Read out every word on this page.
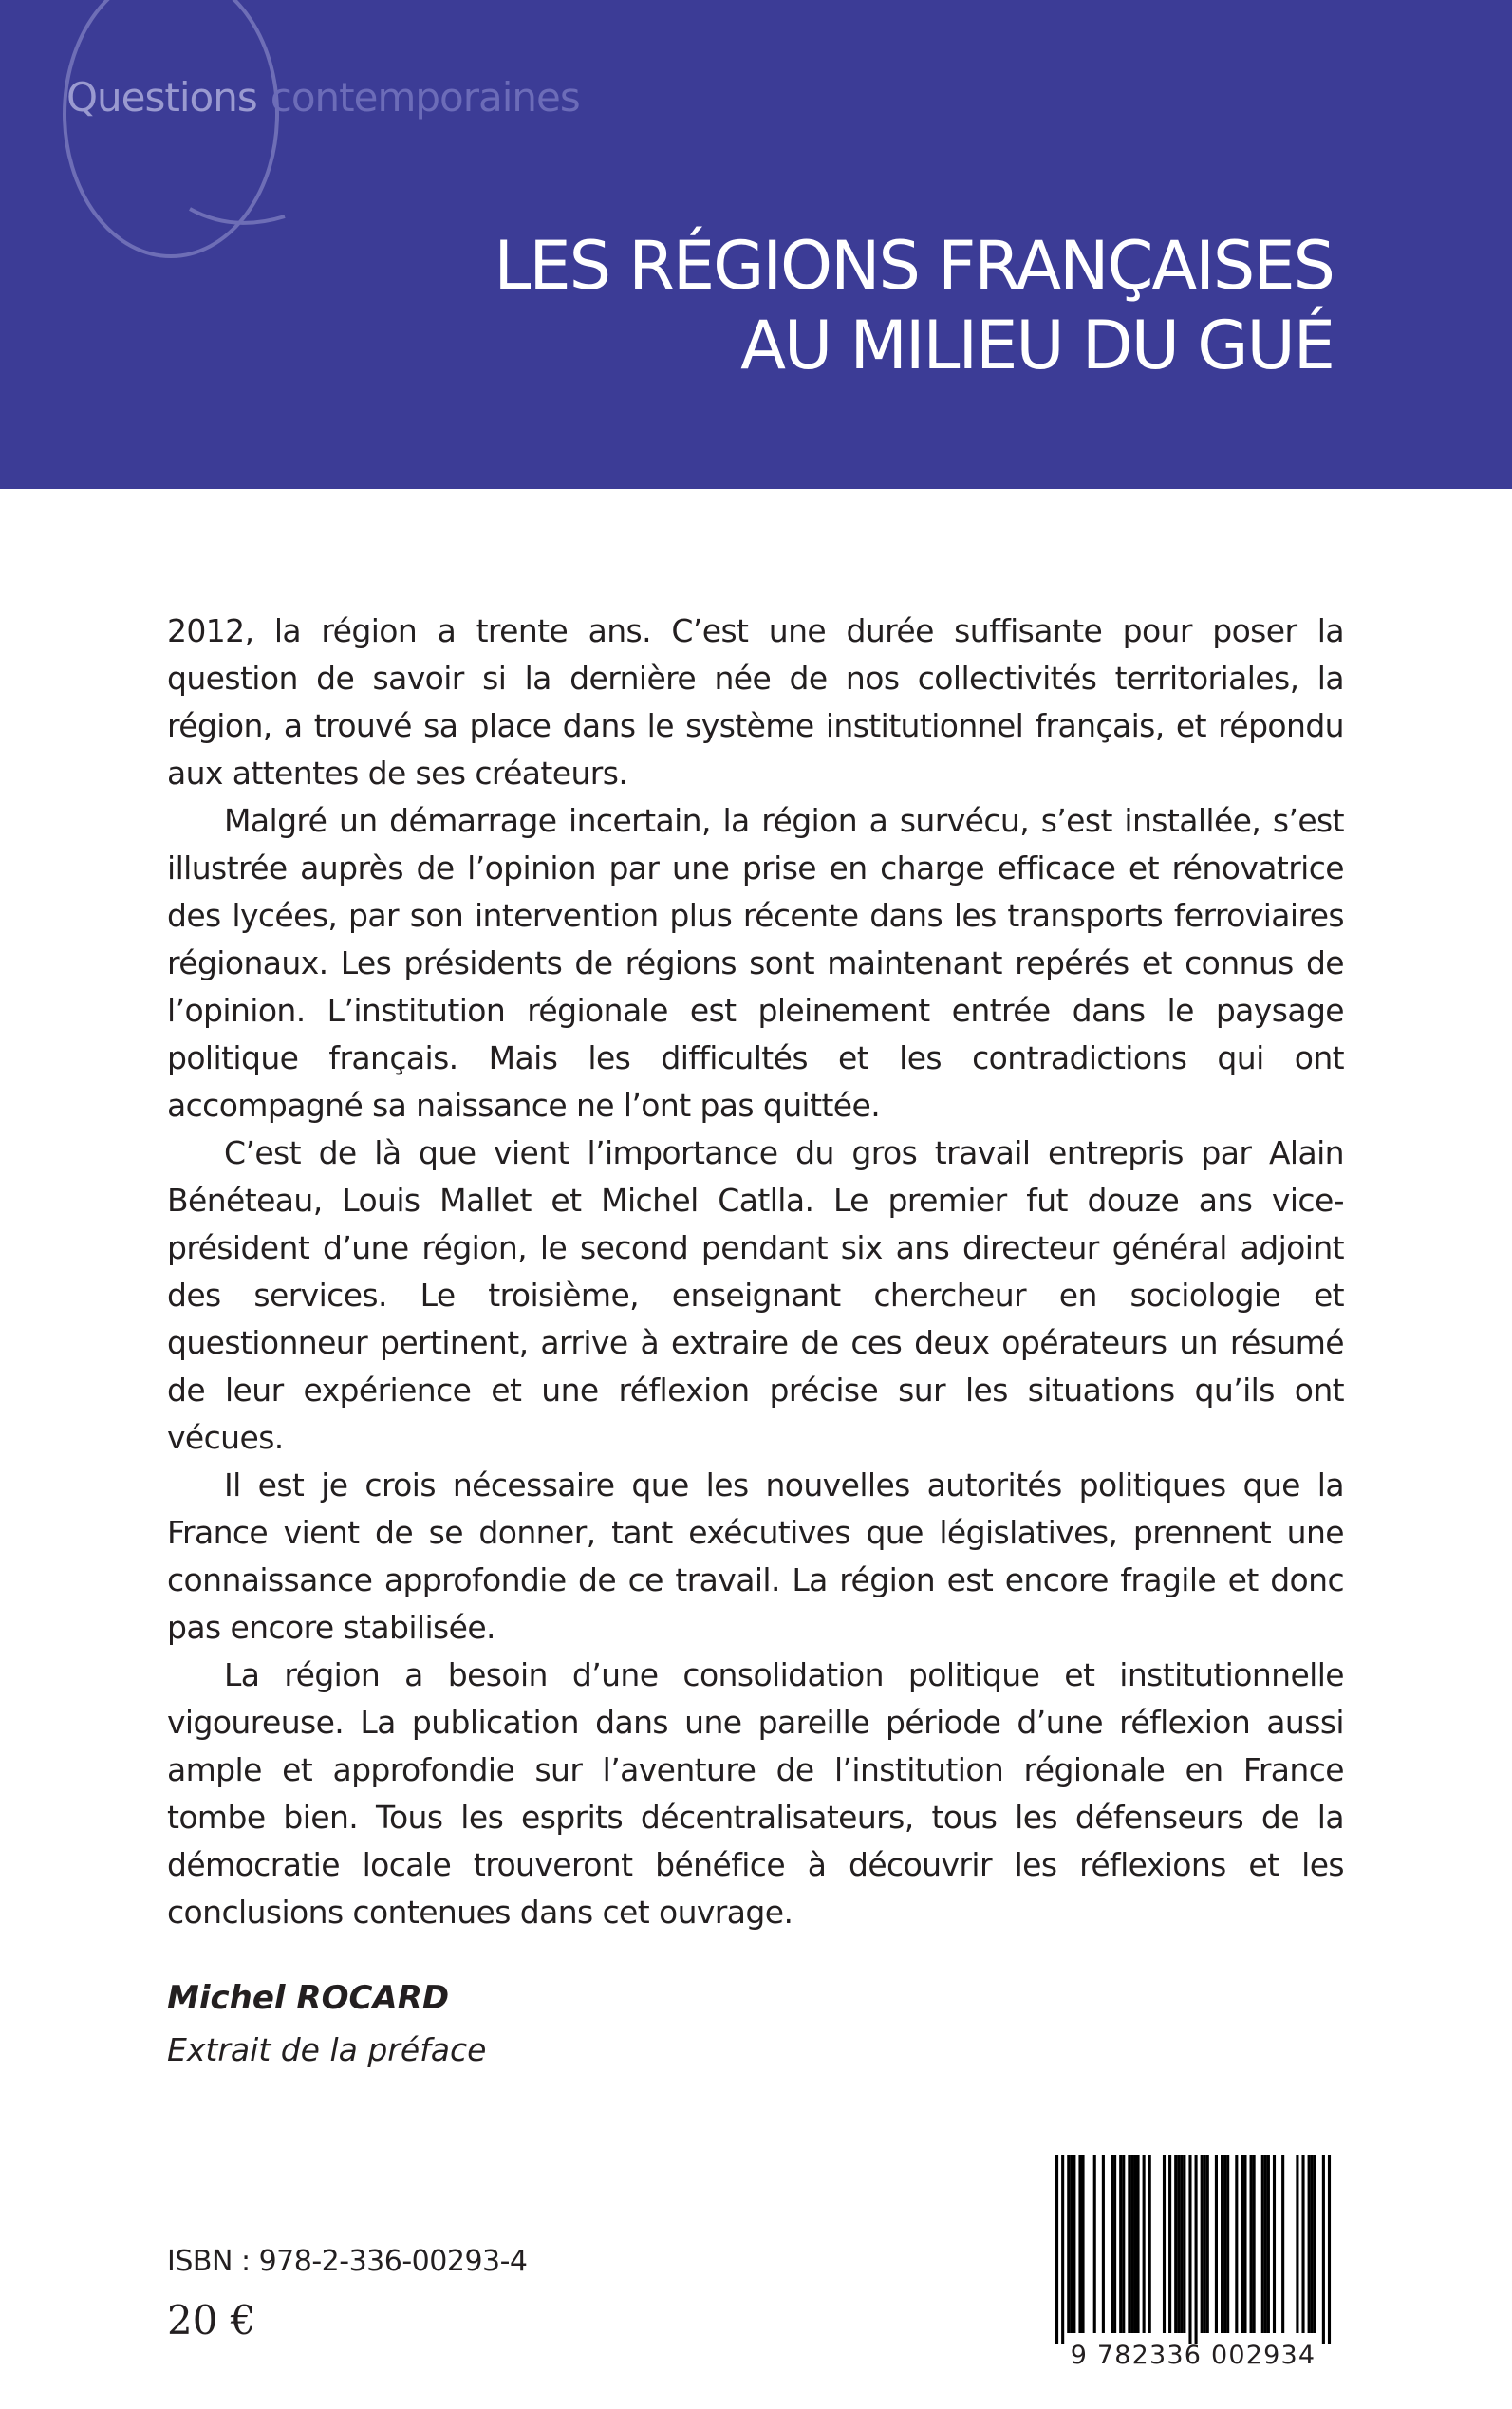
Questions contemporaines
LES RÉGIONS FRANÇAISES
AU MILIEU DU GUÉ

2012, la région a trente ans. C’est une durée suffisante pour poser la question de savoir si la dernière née de nos collectivités territoriales, la région, a trouvé sa place dans le système institutionnel français, et répondu aux attentes de ses créateurs.

Malgré un démarrage incertain, la région a survécu, s’est installée, s’est illustrée auprès de l’opinion par une prise en charge efficace et rénovatrice des lycées, par son intervention plus récente dans les transports ferroviaires régionaux. Les présidents de régions sont maintenant repérés et connus de l’opinion. L’institution régionale est pleinement entrée dans le paysage politique français. Mais les difficultés et les contradictions qui ont accompagné sa naissance ne l’ont pas quittée.

C’est de là que vient l’importance du gros travail entrepris par Alain Bénéteau, Louis Mallet et Michel Catlla. Le premier fut douze ans vice-président d’une région, le second pendant six ans directeur général adjoint des services. Le troisième, enseignant chercheur en sociologie et questionneur pertinent, arrive à extraire de ces deux opérateurs un résumé de leur expérience et une réflexion précise sur les situations qu’ils ont vécues.

Il est je crois nécessaire que les nouvelles autorités politiques que la France vient de se donner, tant exécutives que législatives, prennent une connaissance approfondie de ce travail. La région est encore fragile et donc pas encore stabilisée.

La région a besoin d’une consolidation politique et institutionnelle vigoureuse. La publication dans une pareille période d’une réflexion aussi ample et approfondie sur l’aventure de l’institution régionale en France tombe bien. Tous les esprits décentralisateurs, tous les défenseurs de la démocratie locale trouveront bénéfice à découvrir les réflexions et les conclusions contenues dans cet ouvrage.

Michel ROCARD
Extrait de la préface
ISBN : 978-2-336-00293-4
20 €
9 782336 002934
